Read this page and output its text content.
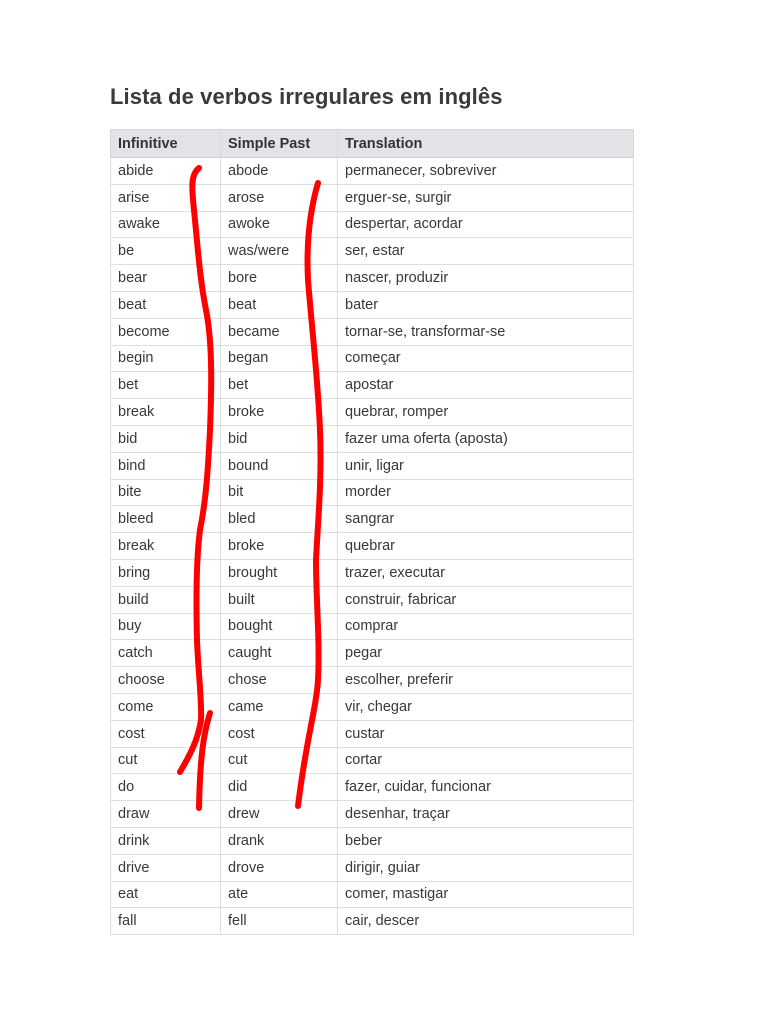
Lista de verbos irregulares em inglês
Infinitive	Simple Past	Translation
abide	abode	permanecer, sobreviver
arise	arose	erguer-se, surgir
awake	awoke	despertar, acordar
be	was/were	ser, estar
bear	bore	nascer, produzir
beat	beat	bater
become	became	tornar-se, transformar-se
begin	began	começar
bet	bet	apostar
break	broke	quebrar, romper
bid	bid	fazer uma oferta (aposta)
bind	bound	unir, ligar
bite	bit	morder
bleed	bled	sangrar
break	broke	quebrar
bring	brought	trazer, executar
build	built	construir, fabricar
buy	bought	comprar
catch	caught	pegar
choose	chose	escolher, preferir
come	came	vir, chegar
cost	cost	custar
cut	cut	cortar
do	did	fazer, cuidar, funcionar
draw	drew	desenhar, traçar
drink	drank	beber
drive	drove	dirigir, guiar
eat	ate	comer, mastigar
fall	fell	cair, descer
